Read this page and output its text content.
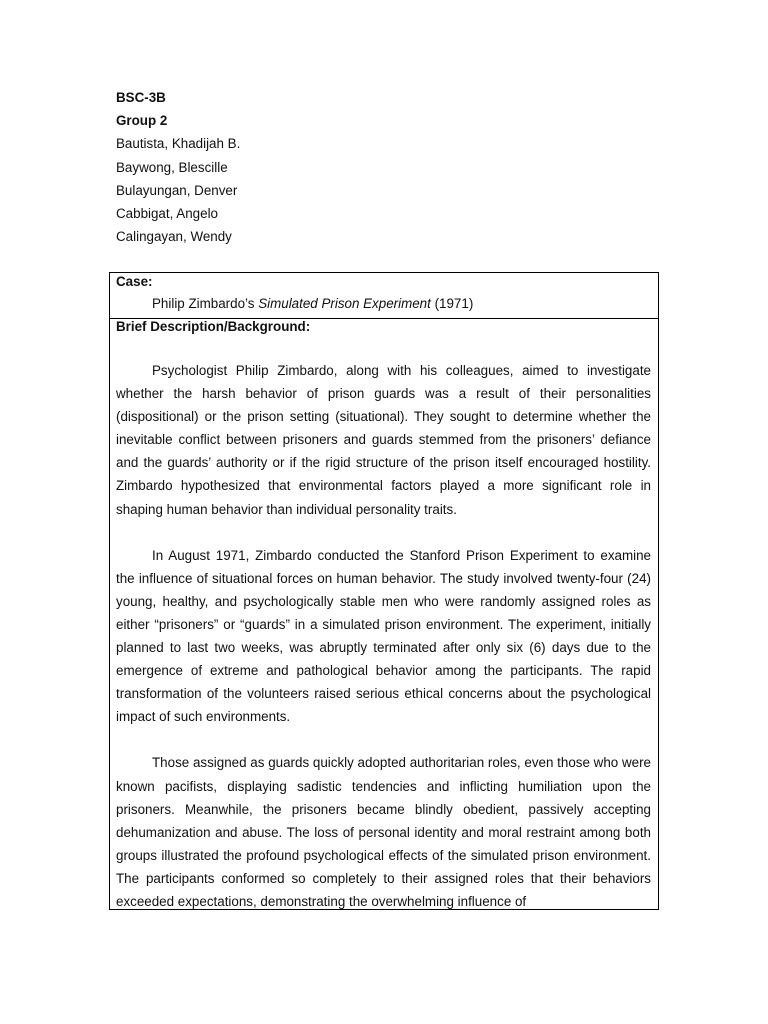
BSC-3B
Group 2
Bautista, Khadijah B.
Baywong, Blescille
Bulayungan, Denver
Cabbigat, Angelo
Calingayan, Wendy
Case:
Philip Zimbardo’s Simulated Prison Experiment (1971)
Brief Description/Background:

Psychologist Philip Zimbardo, along with his colleagues, aimed to investigate whether the harsh behavior of prison guards was a result of their personalities (dispositional) or the prison setting (situational). They sought to determine whether the inevitable conflict between prisoners and guards stemmed from the prisoners’ defiance and the guards’ authority or if the rigid structure of the prison itself encouraged hostility. Zimbardo hypothesized that environmental factors played a more significant role in shaping human behavior than individual personality traits.

In August 1971, Zimbardo conducted the Stanford Prison Experiment to examine the influence of situational forces on human behavior. The study involved twenty-four (24) young, healthy, and psychologically stable men who were randomly assigned roles as either “prisoners” or “guards” in a simulated prison environment. The experiment, initially planned to last two weeks, was abruptly terminated after only six (6) days due to the emergence of extreme and pathological behavior among the participants. The rapid transformation of the volunteers raised serious ethical concerns about the psychological impact of such environments.

Those assigned as guards quickly adopted authoritarian roles, even those who were known pacifists, displaying sadistic tendencies and inflicting humiliation upon the prisoners. Meanwhile, the prisoners became blindly obedient, passively accepting dehumanization and abuse. The loss of personal identity and moral restraint among both groups illustrated the profound psychological effects of the simulated prison environment. The participants conformed so completely to their assigned roles that their behaviors exceeded expectations, demonstrating the overwhelming influence of
